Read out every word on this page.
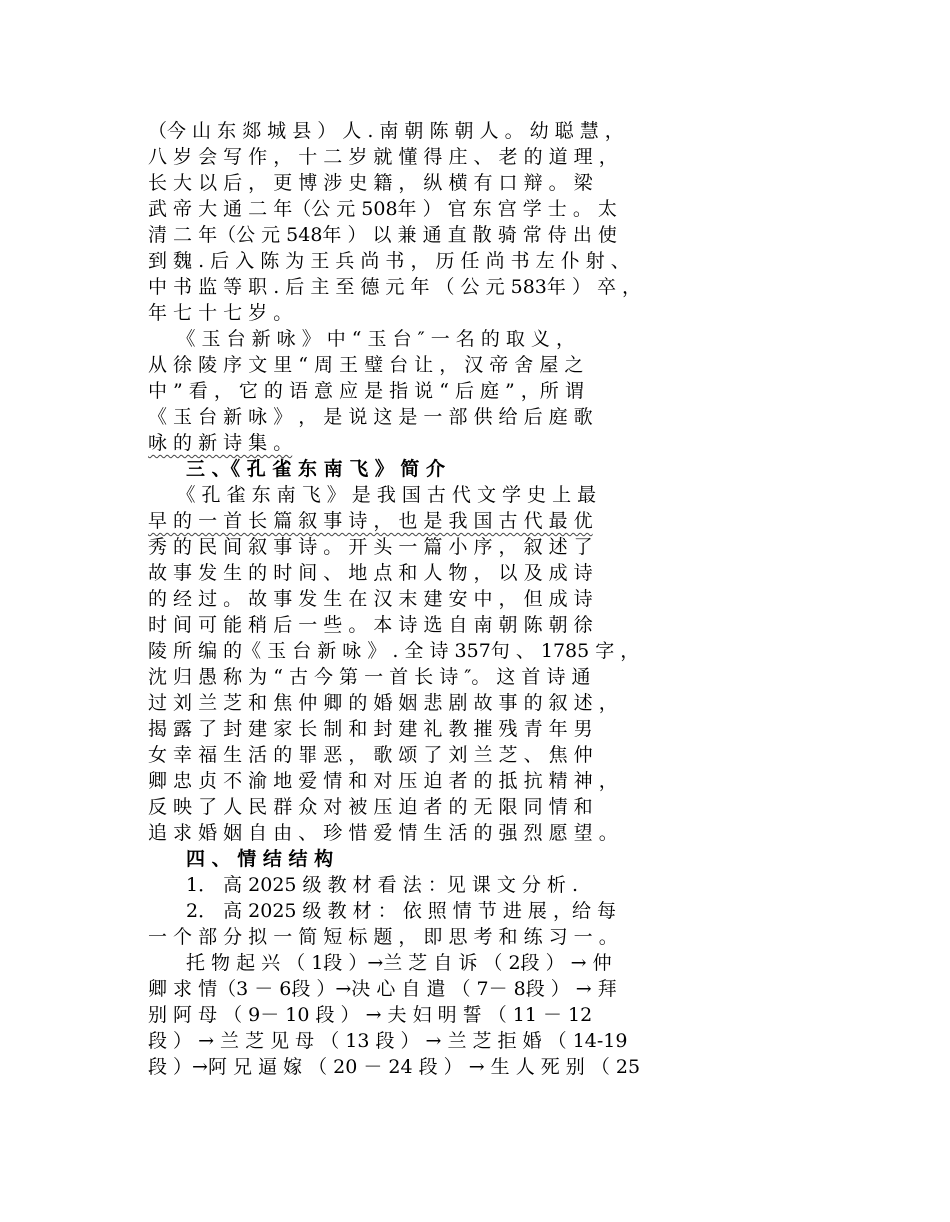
（今 山 东 郯 城 县 ） 人 . 南 朝 陈 朝 人 。 幼 聪 慧 ，
八 岁 会 写 作 ， 十 二 岁 就 懂 得 庄 、 老 的 道 理 ，
长 大 以 后 ， 更 博 涉 史 籍 ， 纵 横 有 口 辩 。 梁
武 帝 大 通 二 年（公 元 508年 ） 官 东 宫 学 士 。 太
清 二 年（公 元 548年 ） 以 兼 通 直 散 骑 常 侍 出 使
到 魏 . 后 入 陈 为 王 兵 尚 书 ， 历 任 尚 书 左 仆 射 、
中 书 监 等 职 . 后 主 至 德 元 年 （ 公 元 583年 ） 卒 ，
年 七 十 七 岁 。
　　《 玉 台 新 咏 》 中 “ 玉 台 ″ 一 名 的 取 义 ，
从 徐 陵 序 文 里 “ 周 王 璧 台 让 ， 汉 帝 舍 屋 之
中 ” 看 ， 它 的 语 意 应 是 指 说 “ 后 庭 ” ，所 谓
《 玉 台 新 咏 》 ， 是 说 这 是 一 部 供 给 后 庭 歌
咏 的 新 诗 集 。
　　三 、《 孔 雀 东 南 飞 》 简 介
　　《 孔 雀 东 南 飞 》 是 我 国 古 代 文 学 史 上 最
早 的 一 首 长 篇 叙 事 诗 ， 也 是 我 国 古 代 最 优
秀 的 民 间 叙 事 诗 。 开 头 一 篇 小 序 ， 叙 述 了
故 事 发 生 的 时 间 、 地 点 和 人 物 ， 以 及 成 诗
的 经 过 。 故 事 发 生 在 汉 末 建 安 中 ， 但 成 诗
时 间 可 能 稍 后 一 些 。 本 诗 选 自 南 朝 陈 朝 徐
陵 所 编 的《 玉 台 新 咏 》 . 全 诗 357句 、 1785 字 ，
沈 归 愚 称 为 “ 古 今 第 一 首 长 诗 ″。 这 首 诗 通
过 刘 兰 芝 和 焦 仲 卿 的 婚 姻 悲 剧 故 事 的 叙 述 ，
揭 露 了 封 建 家 长 制 和 封 建 礼 教 摧 残 青 年 男
女 幸 福 生 活 的 罪 恶 ， 歌 颂 了 刘 兰 芝 、 焦 仲
卿 忠 贞 不 渝 地 爱 情 和 对 压 迫 者 的 抵 抗 精 神 ，
反 映 了 人 民 群 众 对 被 压 迫 者 的 无 限 同 情 和
追 求 婚 姻 自 由 、 珍 惜 爱 情 生 活 的 强 烈 愿 望 。
　　四 、 情 结 结 构
　　1． 高 2025 级 教 材 看 法 ：见 课 文 分 析 .
　　2． 高 2025 级 教 材 ： 依 照 情 节 进 展 ，给 每
一 个 部 分 拟 一 简 短 标 题 ， 即 思 考 和 练 习 一 。
　　托 物 起 兴 （ 1段 ）→兰 芝 自 诉 （ 2段 ） → 仲
卿 求 情（3 － 6段 ）→决 心 自 遣 （ 7－ 8段 ） → 拜
别 阿 母 （ 9－ 10 段 ） → 夫 妇 明 誓 （ 11 － 12
段 ） → 兰 芝 见 母 （ 13 段 ） → 兰 芝 拒 婚 （ 14-19
段 ）→阿 兄 逼 嫁 （ 20 － 24 段 ） → 生 人 死 别 （ 25
